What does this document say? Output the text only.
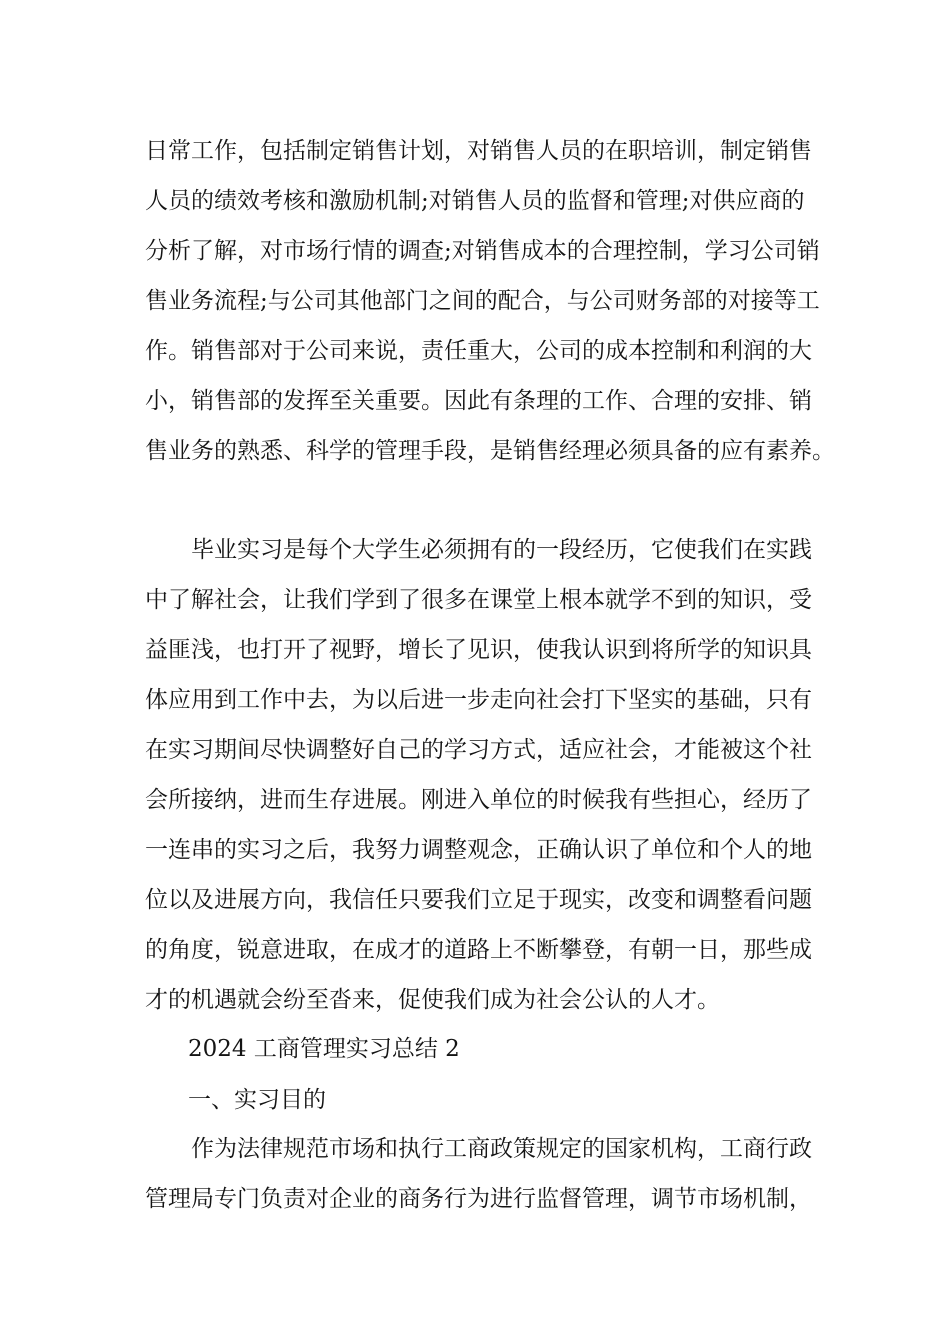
日常工作，包括制定销售计划，对销售人员的在职培训，制定销售
人员的绩效考核和激励机制;对销售人员的监督和管理;对供应商的
分析了解，对市场行情的调查;对销售成本的合理控制，学习公司销
售业务流程;与公司其他部门之间的配合，与公司财务部的对接等工
作。销售部对于公司来说，责任重大，公司的成本控制和利润的大
小，销售部的发挥至关重要。因此有条理的工作、合理的安排、销
售业务的熟悉、科学的管理手段，是销售经理必须具备的应有素养。
毕业实习是每个大学生必须拥有的一段经历，它使我们在实践
中了解社会，让我们学到了很多在课堂上根本就学不到的知识，受
益匪浅，也打开了视野，增长了见识，使我认识到将所学的知识具
体应用到工作中去，为以后进一步走向社会打下坚实的基础，只有
在实习期间尽快调整好自己的学习方式，适应社会，才能被这个社
会所接纳，进而生存进展。刚进入单位的时候我有些担心，经历了
一连串的实习之后，我努力调整观念，正确认识了单位和个人的地
位以及进展方向，我信任只要我们立足于现实，改变和调整看问题
的角度，锐意进取，在成才的道路上不断攀登，有朝一日，那些成
才的机遇就会纷至沓来，促使我们成为社会公认的人才。
2024 工商管理实习总结 2
一、实习目的
作为法律规范市场和执行工商政策规定的国家机构，工商行政
管理局专门负责对企业的商务行为进行监督管理，调节市场机制，
